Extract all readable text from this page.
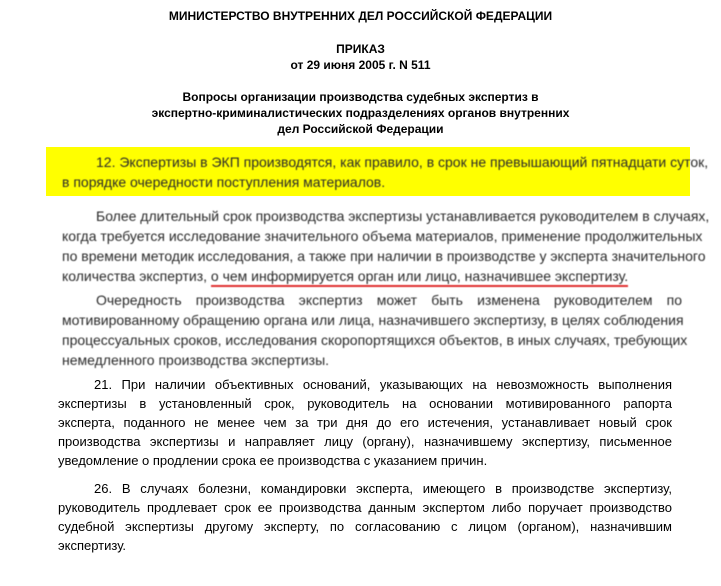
МИНИСТЕРСТВО ВНУТРЕННИХ ДЕЛ РОССИЙСКОЙ ФЕДЕРАЦИИ
ПРИКАЗ
от 29 июня 2005 г. N 511
Вопросы организации производства судебных экспертиз в
экспертно-криминалистических подразделениях органов внутренних
дел Российской Федерации
12. Экспертизы в ЭКП производятся, как правило, в срок не превышающий пятнадцати суток,
в порядке очередности поступления материалов.
Более длительный срок производства экспертизы устанавливается руководителем в случаях,
когда требуется исследование значительного объема материалов, применение продолжительных
по времени методик исследования, а также при наличии в производстве у эксперта значительного
количества экспертиз, о чем информируется орган или лицо, назначившее экспертизу.
Очередность производства экспертиз может быть изменена руководителем по
мотивированному обращению органа или лица, назначившего экспертизу, в целях соблюдения
процессуальных сроков, исследования скоропортящихся объектов, в иных случаях, требующих
немедленного производства экспертизы.
21. При наличии объективных оснований, указывающих на невозможность выполнения
экспертизы в установленный срок, руководитель на основании мотивированного рапорта
эксперта, поданного не менее чем за три дня до его истечения, устанавливает новый срок
производства экспертизы и направляет лицу (органу), назначившему экспертизу, письменное
уведомление о продлении срока ее производства с указанием причин.
26. В случаях болезни, командировки эксперта, имеющего в производстве экспертизу,
руководитель продлевает срок ее производства данным экспертом либо поручает производство
судебной экспертизы другому эксперту, по согласованию с лицом (органом), назначившим
экспертизу.
